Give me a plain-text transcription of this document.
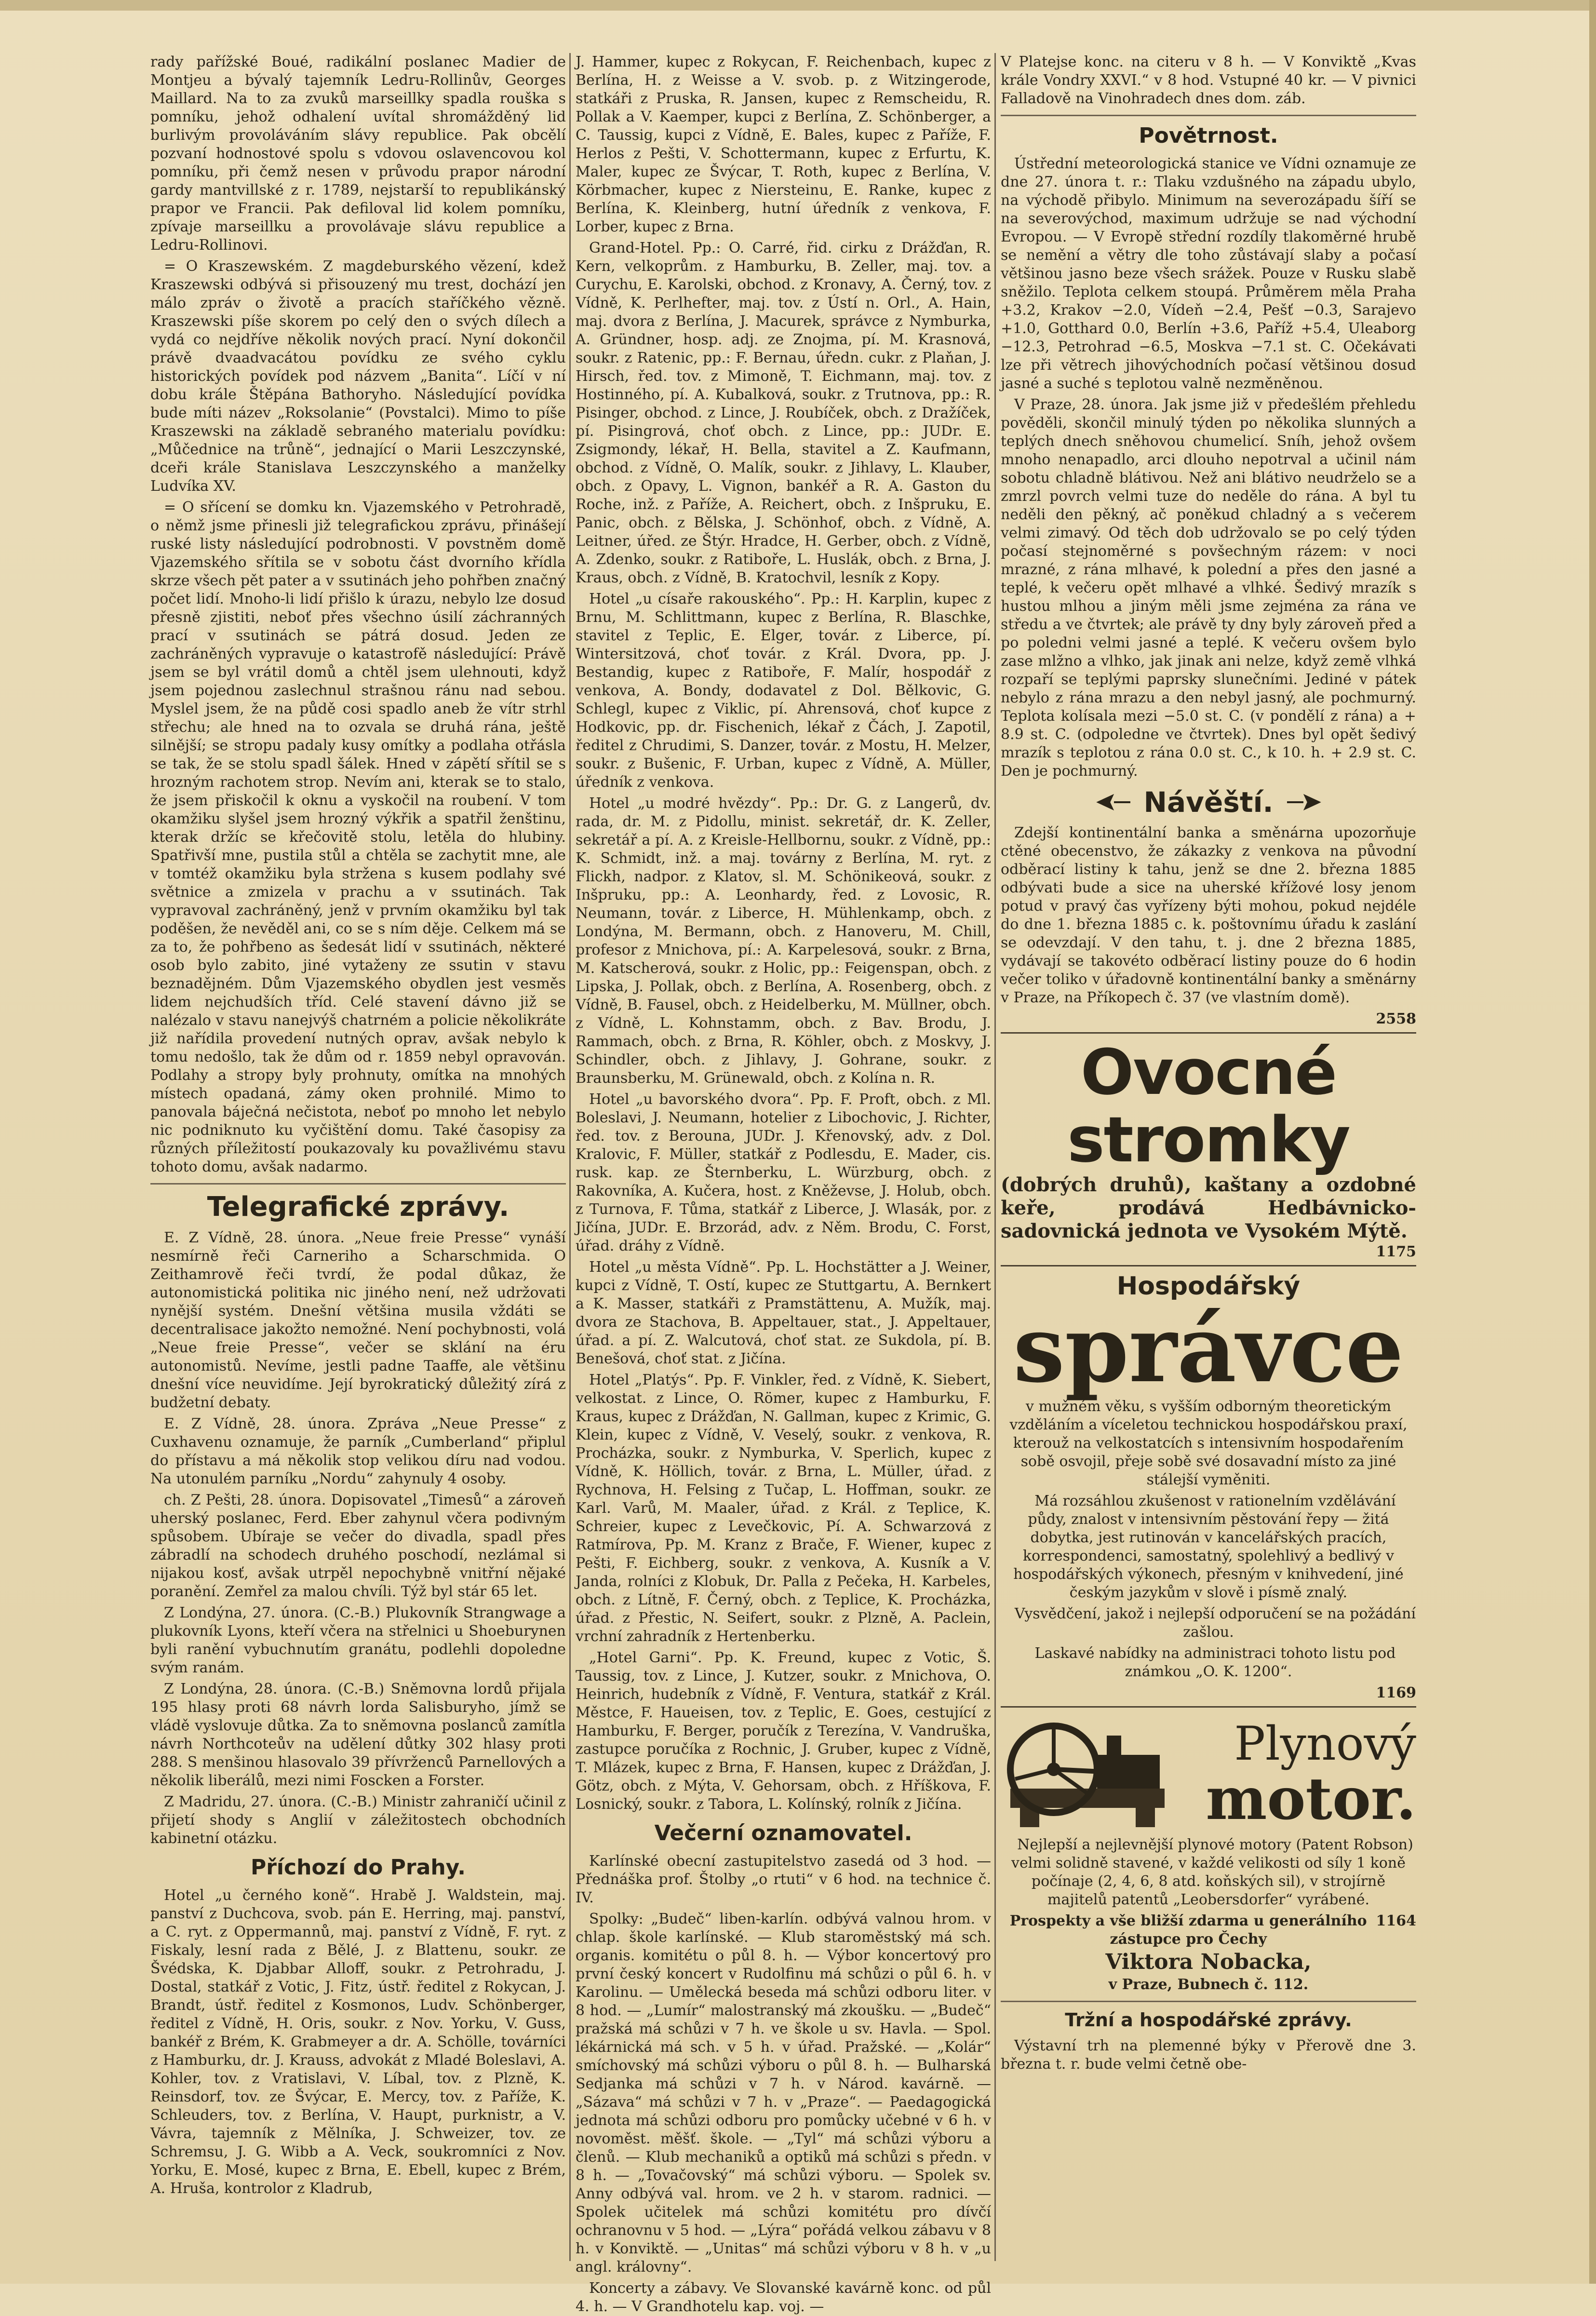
rady pařížské Boué, radikální poslanec Madier de Montjeu a bývalý tajemník Ledru-Rollinův, Georges Maillard. Na to za zvuků marseillky spadla rouška s pomníku, jehož odhalení uvítal shromážděný lid burlivým provoláváním slávy republice. Pak obcělí pozvaní hodnostové spolu s vdovou oslavencovou kol pomníku, při čemž nesen v průvodu prapor národní gardy mantvillské z r. 1789, nejstarší to republikánský prapor ve Francii. Pak defiloval lid kolem pomníku, zpívaje marseillku a provolávaje slávu republice a Ledru-Rollinovi.

= O Kraszewském. Z magdeburského vězení, kdež Kraszewski odbývá si přisouzený mu trest, dochází jen málo zpráv o životě a pracích staříčkého vězně. Kraszewski píše skorem po celý den o svých dílech a vydá co nejdříve několik nových prací. Nyní dokončil právě dvaadvacátou povídku ze svého cyklu historických povídek pod názvem „Banita“. Líčí v ní dobu krále Štěpána Bathoryho. Následující povídka bude míti název „Roksolanie“ (Povstalci). Mimo to píše Kraszewski na základě sebraného materialu povídku: „Můčednice na trůně“, jednající o Marii Leszczynské, dceři krále Stanislava Leszczynského a manželky Ludvíka XV.

= O sřícení se domku kn. Vjazemského v Petrohradě, o němž jsme přinesli již telegrafickou zprávu, přinášejí ruské listy následující podrobnosti. V povstněm domě Vjazemského sřítila se v sobotu část dvorního křídla skrze všech pět pater a v ssutinách jeho pohřben značný počet lidí. Mnoho-li lidí přišlo k úrazu, nebylo lze dosud přesně zjistiti, neboť přes všechno úsilí záchranných prací v ssutinách se pátrá dosud. Jeden ze zachráněných vypravuje o katastrofě následující: Právě jsem se byl vrátil domů a chtěl jsem ulehnouti, když jsem pojednou zaslechnul strašnou ránu nad sebou. Myslel jsem, že na půdě cosi spadlo aneb že vítr strhl střechu; ale hned na to ozvala se druhá rána, ještě silnější; se stropu padaly kusy omítky a podlaha otřásla se tak, že se stolu spadl šálek. Hned v zápětí sřítil se s hrozným rachotem strop. Nevím ani, kterak se to stalo, že jsem přiskočil k oknu a vyskočil na roubení. V tom okamžiku slyšel jsem hrozný výkřik a spatřil ženštinu, kterak držíc se křečovitě stolu, letěla do hlubiny. Spatřivší mne, pustila stůl a chtěla se zachytit mne, ale v tomtéž okamžiku byla stržena s kusem podlahy své světnice a zmizela v prachu a v ssutinách. Tak vypravoval zachráněný, jenž v prvním okamžiku byl tak poděšen, že nevěděl ani, co se s ním děje. Celkem má se za to, že pohřbeno as šedesát lidí v ssutinách, některé osob bylo zabito, jiné vytaženy ze ssutin v stavu beznadějném. Dům Vjazemského obydlen jest vesměs lidem nejchudších tříd. Celé stavení dávno již se nalézalo v stavu nanejvýš chatrném a policie několikráte již nařídila provedení nutných oprav, avšak nebylo k tomu nedošlo, tak že dům od r. 1859 nebyl opravován. Podlahy a stropy byly prohnuty, omítka na mnohých místech opadaná, zámy oken prohnilé. Mimo to panovala báječná nečistota, neboť po mnoho let nebylo nic podniknuto ku vyčištění domu. Také časopisy za různých příležitostí poukazovaly ku považlivému stavu tohoto domu, avšak nadarmo.

Telegrafické zprávy.

E. Z Vídně, 28. února. „Neue freie Presse“ vynáší nesmírně řeči Carneriho a Scharschmida. O Zeithamrově řeči tvrdí, že podal důkaz, že autonomistická politika nic jiného není, než udržovati nynější systém. Dnešní většina musila vždáti se decentralisace jakožto nemožné. Není pochybnosti, volá „Neue freie Presse“, večer se sklání na éru autonomistů. Nevíme, jestli padne Taaffe, ale většinu dnešní více neuvidíme. Její byrokratický důležitý zírá z budžetní debaty.

E. Z Vídně, 28. února. Zpráva „Neue Presse“ z Cuxhavenu oznamuje, že parník „Cumberland“ připlul do přístavu a má několik stop velikou díru nad vodou. Na utonulém parníku „Nordu“ zahynuly 4 osoby.

ch. Z Pešti, 28. února. Dopisovatel „Timesů“ a zároveň uherský poslanec, Ferd. Eber zahynul včera podivným spůsobem. Ubíraje se večer do divadla, spadl přes zábradlí na schodech druhého poschodí, nezlámal si nijakou kosť, avšak utrpěl nepochybně vnitřní nějaké poranění. Zemřel za malou chvíli. Týž byl stár 65 let.

Z Londýna, 27. února. (C.-B.) Plukovník Strangwage a plukovník Lyons, kteří včera na střelnici u Shoeburynen byli ranění vybuchnutím granátu, podlehli dopoledne svým ranám.

Z Londýna, 28. února. (C.-B.) Sněmovna lordů přijala 195 hlasy proti 68 návrh lorda Salisburyho, jímž se vládě vyslovuje důtka. Za to sněmovna poslanců zamítla návrh Northcoteův na udělení důtky 302 hlasy proti 288. S menšinou hlasovalo 39 přívrženců Parnellových a několik liberálů, mezi nimi Foscken a Forster.

Z Madridu, 27. února. (C.-B.) Ministr zahraničí učinil z přijetí shody s Anglií v záležitostech obchodních kabinetní otázku.

Příchozí do Prahy.

Hotel „u černého koně“. Hrabě J. Waldstein, maj. panství z Duchcova, svob. pán E. Herring, maj. panství, a C. ryt. z Oppermannů, maj. panství z Vídně, F. ryt. z Fiskaly, lesní rada z Bělé, J. z Blattenu, soukr. ze Švédska, K. Djabbar Alloff, soukr. z Petrohradu, J. Dostal, statkář z Votic, J. Fitz, ústř. ředitel z Rokycan, J. Brandt, ústř. ředitel z Kosmonos, Ludv. Schönberger, ředitel z Vídně, H. Oris, soukr. z Nov. Yorku, V. Guss, bankéř z Brém, K. Grabmeyer a dr. A. Schölle, továrníci z Hamburku, dr. J. Krauss, advokát z Mladé Boleslavi, A. Kohler, tov. z Vratislavi, V. Líbal, tov. z Plzně, K. Reinsdorf, tov. ze Švýcar, E. Mercy, tov. z Paříže, K. Schleuders, tov. z Berlína, V. Haupt, purknistr, a V. Vávra, tajemník z Mělníka, J. Schweizer, tov. ze Schremsu, J. G. Wibb a A. Veck, soukromníci z Nov. Yorku, E. Mosé, kupec z Brna, E. Ebell, kupec z Brém, A. Hruša, kontrolor z Kladrub,

J. Hammer, kupec z Rokycan, F. Reichenbach, kupec z Berlína, H. z Weisse a V. svob. p. z Witzingerode, statkáři z Pruska, R. Jansen, kupec z Remscheidu, R. Pollak a V. Kaemper, kupci z Berlína, Z. Schönberger, a C. Taussig, kupci z Vídně, E. Bales, kupec z Paříže, F. Herlos z Pešti, V. Schottermann, kupec z Erfurtu, K. Maler, kupec ze Švýcar, T. Roth, kupec z Berlína, V. Körbmacher, kupec z Niersteinu, E. Ranke, kupec z Berlína, K. Kleinberg, hutní úředník z venkova, F. Lorber, kupec z Brna.

Grand-Hotel. Pp.: O. Carré, řid. cirku z Drážďan, R. Kern, velkoprům. z Hamburku, B. Zeller, maj. tov. a Curychu, E. Karolski, obchod. z Kronavy, A. Černý, tov. z Vídně, K. Perlhefter, maj. tov. z Ústí n. Orl., A. Hain, maj. dvora z Berlína, J. Macurek, správce z Nymburka, A. Gründner, hosp. adj. ze Znojma, pí. M. Krasnová, soukr. z Ratenic, pp.: F. Bernau, úředn. cukr. z Plaňan, J. Hirsch, řed. tov. z Mimoně, T. Eichmann, maj. tov. z Hostinného, pí. A. Kubalková, soukr. z Trutnova, pp.: R. Pisinger, obchod. z Lince, J. Roubíček, obch. z Dražíček, pí. Pisingrová, choť obch. z Lince, pp.: JUDr. E. Zsigmondy, lékař, H. Bella, stavitel a Z. Kaufmann, obchod. z Vídně, O. Malík, soukr. z Jihlavy, L. Klauber, obch. z Opavy, L. Vignon, bankéř a R. A. Gaston du Roche, inž. z Paříže, A. Reichert, obch. z Inšpruku, E. Panic, obch. z Bělska, J. Schönhof, obch. z Vídně, A. Leitner, úřed. ze Štýr. Hradce, H. Gerber, obch. z Vídně, A. Zdenko, soukr. z Ratiboře, L. Huslák, obch. z Brna, J. Kraus, obch. z Vídně, B. Kratochvil, lesník z Kopy.

Hotel „u císaře rakouského“. Pp.: H. Karplin, kupec z Brnu, M. Schlittmann, kupec z Berlína, R. Blaschke, stavitel z Teplic, E. Elger, továr. z Liberce, pí. Wintersitzová, choť továr. z Král. Dvora, pp. J. Bestandig, kupec z Ratiboře, F. Malír, hospodář z venkova, A. Bondy, dodavatel z Dol. Bělkovic, G. Schlegl, kupec z Viklic, pí. Ahrensová, choť kupce z Hodkovic, pp. dr. Fischenich, lékař z Čách, J. Zapotil, ředitel z Chrudimi, S. Danzer, továr. z Mostu, H. Melzer, soukr. z Bušenic, F. Urban, kupec z Vídně, A. Müller, úředník z venkova.

Hotel „u modré hvězdy“. Pp.: Dr. G. z Langerů, dv. rada, dr. M. z Pidollu, minist. sekretář, dr. K. Zeller, sekretář a pí. A. z Kreisle-Hellbornu, soukr. z Vídně, pp.: K. Schmidt, inž. a maj. továrny z Berlína, M. ryt. z Flickh, nadpor. z Klatov, sl. M. Schönikeová, soukr. z Inšpruku, pp.: A. Leonhardy, řed. z Lovosic, R. Neumann, továr. z Liberce, H. Mühlenkamp, obch. z Londýna, M. Bermann, obch. z Hanoveru, M. Chill, profesor z Mnichova, pí.: A. Karpelesová, soukr. z Brna, M. Katscherová, soukr. z Holic, pp.: Feigenspan, obch. z Lipska, J. Pollak, obch. z Berlína, A. Rosenberg, obch. z Vídně, B. Fausel, obch. z Heidelberku, M. Müllner, obch. z Vídně, L. Kohnstamm, obch. z Bav. Brodu, J. Rammach, obch. z Brna, R. Köhler, obch. z Moskvy, J. Schindler, obch. z Jihlavy, J. Gohrane, soukr. z Braunsberku, M. Grünewald, obch. z Kolína n. R.

Hotel „u bavorského dvora“. Pp. F. Proft, obch. z Ml. Boleslavi, J. Neumann, hotelier z Libochovic, J. Richter, řed. tov. z Berouna, JUDr. J. Křenovský, adv. z Dol. Kralovic, F. Müller, statkář z Podlesdu, E. Mader, cis. rusk. kap. ze Šternberku, L. Würzburg, obch. z Rakovníka, A. Kučera, host. z Kněževse, J. Holub, obch. z Turnova, F. Tůma, statkář z Liberce, J. Wlasák, por. z Jičína, JUDr. E. Brzorád, adv. z Něm. Brodu, C. Forst, úřad. dráhy z Vídně.

Hotel „u města Vídně“. Pp. L. Hochstätter a J. Weiner, kupci z Vídně, T. Ostí, kupec ze Stuttgartu, A. Bernkert a K. Masser, statkáři z Pramstättenu, A. Mužík, maj. dvora ze Stachova, B. Appeltauer, stat., J. Appeltauer, úřad. a pí. Z. Walcutová, choť stat. ze Sukdola, pí. B. Benešová, choť stat. z Jičína.

Hotel „Platýs“. Pp. F. Vinkler, řed. z Vídně, K. Siebert, velkostat. z Lince, O. Römer, kupec z Hamburku, F. Kraus, kupec z Drážďan, N. Gallman, kupec z Krimic, G. Klein, kupec z Vídně, V. Veselý, soukr. z venkova, R. Procházka, soukr. z Nymburka, V. Sperlich, kupec z Vídně, K. Höllich, továr. z Brna, L. Müller, úřad. z Rychnova, H. Felsing z Tučap, L. Hoffman, soukr. ze Karl. Varů, M. Maaler, úřad. z Král. z Teplice, K. Schreier, kupec z Levečkovic, Pí. A. Schwarzová z Ratmírova, Pp. M. Kranz z Brače, F. Wiener, kupec z Pešti, F. Eichberg, soukr. z venkova, A. Kusník a V. Janda, rolníci z Klobuk, Dr. Palla z Pečeka, H. Karbeles, obch. z Lítně, F. Černý, obch. z Teplice, K. Procházka, úřad. z Přestic, N. Seifert, soukr. z Plzně, A. Paclein, vrchní zahradník z Hertenberku.

„Hotel Garni“. Pp. K. Freund, kupec z Votic, Š. Taussig, tov. z Lince, J. Kutzer, soukr. z Mnichova, O. Heinrich, hudebník z Vídně, F. Ventura, statkář z Král. Městce, F. Haueisen, tov. z Teplic, E. Goes, cestující z Hamburku, F. Berger, poručík z Terezína, V. Vandruška, zastupce poručíka z Rochnic, J. Gruber, kupec z Vídně, T. Mlázek, kupec z Brna, F. Hansen, kupec z Drážďan, J. Götz, obch. z Mýta, V. Gehorsam, obch. z Hříškova, F. Losnický, soukr. z Tabora, L. Kolínský, rolník z Jičína.

Večerní oznamovatel.

Karlínské obecní zastupitelstvo zasedá od 3 hod. — Přednáška prof. Štolby „o rtuti“ v 6 hod. na technice č. IV.

Spolky: „Budeč“ liben-karlín. odbývá valnou hrom. v chlap. škole karlínské. — Klub staroměstský má sch. organis. komitétu o půl 8. h. — Výbor koncertový pro první český koncert v Rudolfinu má schůzi o půl 6. h. v Karolinu. — Umělecká beseda má schůzi odboru liter. v 8 hod. — „Lumír“ malostranský má zkoušku. — „Budeč“ pražská má schůzi v 7 h. ve škole u sv. Havla. — Spol. lékárnická má sch. v 5 h. v úřad. Pražské. — „Kolár“ smíchovský má schůzi výboru o půl 8. h. — Bulharská Sedjanka má schůzi v 7 h. v Národ. kavárně. — „Sázava“ má schůzi v 7 h. v „Praze“. — Paedagogická jednota má schůzi odboru pro pomůcky učebné v 6 h. v novoměst. měšť. škole. — „Tyl“ má schůzi výboru a členů. — Klub mechaniků a optiků má schůzi s předn. v 8 h. — „Tovačovský“ má schůzi výboru. — Spolek sv. Anny odbývá val. hrom. ve 2 h. v starom. radnici. — Spolek učitelek má schůzi komitétu pro dívčí ochranovnu v 5 hod. — „Lýra“ pořádá velkou zábavu v 8 h. v Konviktě. — „Unitas“ má schůzi výboru v 8 h. v „u angl. královny“.

Koncerty a zábavy. Ve Slovanské kavárně konc. od půl 4. h. — V Grandhotelu kap. voj. —

V Platejse konc. na citeru v 8 h. — V Konviktě „Kvas krále Vondry XXVI.“ v 8 hod. Vstupné 40 kr. — V pivnici Falladově na Vinohradech dnes dom. záb.

Povětrnost.

Ústřední meteorologická stanice ve Vídni oznamuje ze dne 27. února t. r.: Tlaku vzdušného na západu ubylo, na východě přibylo. Minimum na severozápadu šíří se na severovýchod, maximum udržuje se nad východní Evropou. — V Evropě střední rozdíly tlakoměrné hrubě se nemění a větry dle toho zůstávají slaby a počasí většinou jasno beze všech srážek. Pouze v Rusku slabě sněžilo. Teplota celkem stoupá. Průměrem měla Praha +3.2, Krakov −2.0, Vídeň −2.4, Pešť −0.3, Sarajevo +1.0, Gotthard 0.0, Berlín +3.6, Paříž +5.4, Uleaborg −12.3, Petrohrad −6.5, Moskva −7.1 st. C. Očekávati lze při větrech jihovýchodních počasí většinou dosud jasné a suché s teplotou valně nezměněnou.

V Praze, 28. února. Jak jsme již v předešlém přehledu pověděli, skončil minulý týden po několika slunných a teplých dnech sněhovou chumelicí. Sníh, jehož ovšem mnoho nenapadlo, arci dlouho nepotrval a učinil nám sobotu chladně blátivou. Než ani blátivo neudrželo se a zmrzl povrch velmi tuze do neděle do rána. A byl tu neděli den pěkný, ač poněkud chladný a s večerem velmi zimavý. Od těch dob udržovalo se po celý týden počasí stejnoměrné s povšechným rázem: v noci mrazné, z rána mlhavé, k polední a přes den jasné a teplé, k večeru opět mlhavé a vlhké. Šedivý mrazík s hustou mlhou a jiným měli jsme zejména za rána ve středu a ve čtvrtek; ale právě ty dny byly zároveň před a po poledni velmi jasné a teplé. K večeru ovšem bylo zase mlžno a vlhko, jak jinak ani nelze, když země vlhká rozpaří se teplými paprsky slunečními. Jediné v pátek nebylo z rána mrazu a den nebyl jasný, ale pochmurný. Teplota kolísala mezi −5.0 st. C. (v pondělí z rána) a + 8.9 st. C. (odpoledne ve čtvrtek). Dnes byl opět šedivý mrazík s teplotou z rána 0.0 st. C., k 10. h. + 2.9 st. C. Den je pochmurný.

Návěští.

Zdejší kontinentální banka a směnárna upozorňuje ctěné obecenstvo, že zákazky z venkova na původní odběrací listiny k tahu, jenž se dne 2. března 1885 odbývati bude a sice na uherské křížové losy jenom potud v pravý čas vyřízeny býti mohou, pokud nejdéle do dne 1. března 1885 c. k. poštovnímu úřadu k zaslání se odevzdají. V den tahu, t. j. dne 2 března 1885, vydávají se takovéto odběrací listiny pouze do 6 hodin večer toliko v úřadovně kontinentální banky a směnárny v Praze, na Příkopech č. 37 (ve vlastním domě).

2558
Ovocné stromky
(dobrých druhů), kaštany a ozdobné keře, prodává Hedbávnicko-sadovnická jednota ve Vysokém Mýtě.
1175
Hospodářský
správce

v mužném věku, s vyšším odborným theoretickým vzděláním a víceletou technickou hospodářskou praxí, kterouž na velkostatcích s intensivním hospodařením sobě osvojil, přeje sobě své dosavadní místo za jiné stálejší vyměniti.

Má rozsáhlou zkušenost v rationelním vzdělávání půdy, znalost v intensivním pěstování řepy — žitá dobytka, jest rutinován v kancelářských pracích, korrespondenci, samostatný, spolehlivý a bedlivý v hospodářských výkonech, přesným v knihvedení, jiné českým jazykům v slově i písmě znalý.

Vysvědčení, jakož i nejlepší odporučení se na požádání zašlou.

Laskavé nabídky na administraci tohoto listu pod známkou „O. K. 1200“.

1169
Plynový
motor.

Nejlepší a nejlevnější plynové motory (Patent Robson) velmi solidně stavené, v každé velikosti od síly 1 koně počínaje (2, 4, 6, 8 atd. koňských sil), v strojírně majitelů patentů „Leobersdorfer“ vyrábené.

Prospekty a vše bližší zdarma u generálního zástupce pro Čechy
1164
Viktora Nobacka,
v Praze, Bubnech č. 112.
Tržní a hospodářské zprávy.

Výstavní trh na plemenné býky v Přerově dne 3. března t. r. bude velmi četně obe-
